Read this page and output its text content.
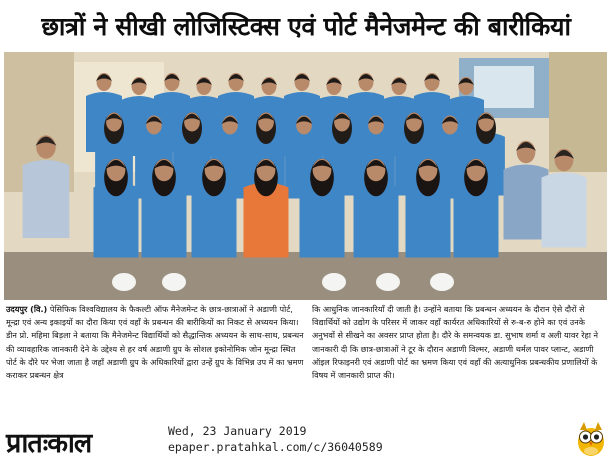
छात्रों ने सीखी लोजिस्टिक्स एवं पोर्ट मैनेजमेन्ट की बारीकियां

उदयपुर (वि.) पेसिफिक विश्वविद्यालय के फैकल्टी ऑफ मैनेजमेन्ट के छात्र-छात्राओं ने अडाणी पोर्ट, मून्द्रा एवं अन्य इकाइयों का दौरा किया एवं वहाँ के प्रबन्धन की बारीकियों का निकट से अध्ययन किया। डीन प्रो. महिमा बिड़ला ने बताया कि मैनेजमेन्ट विद्यार्थियों को सैद्धान्तिक अध्ययन के साथ-साथ, प्रबन्धन की व्यावहारिक जानकारी देने के उद्देश्य से हर वर्ष अडाणी ग्रुप के सोशल इकोनोमिक जोन मून्द्रा स्थित पोर्ट के दौरे पर भेजा जाता है जहाँ अडाणी ग्रुप के अधिकारियों द्वारा उन्हें ग्रुप के विभिन्न उप में का भ्रमण कराकर प्रबन्धन क्षेत्र

कि आधुनिक जानकारियाँ दी जाती है। उन्होंने बताया कि प्रबन्धन अध्ययन के दौरान ऐसे दौरों से विद्यार्थियों को उद्योग के परिसर में जाकर वहाँ कार्यरत अधिकारियों से रु-ब-रु होने का एवं उनके अनुभवों से सीखने का अवसर प्राप्त होता है। दौरे के समन्वयक डा. सुभाष शर्मा व अली यावर रेहा ने जानकारी दी कि छात्र-छात्राओं ने टूर के दौरान अडाणी विल्मर, अडाणी थर्मल पावर प्लान्ट, अडाणी ऑइल रिफाइनरी एवं अडाणी पोर्ट का भ्रमण किया एवं वहाँ की अत्याधुनिक प्रबन्धकीय प्रणालियों के विषय में जानकारी प्राप्त की।

प्रातःकाल	Wed, 23 January 2019
epaper.pratahkal.com/c/36040589
